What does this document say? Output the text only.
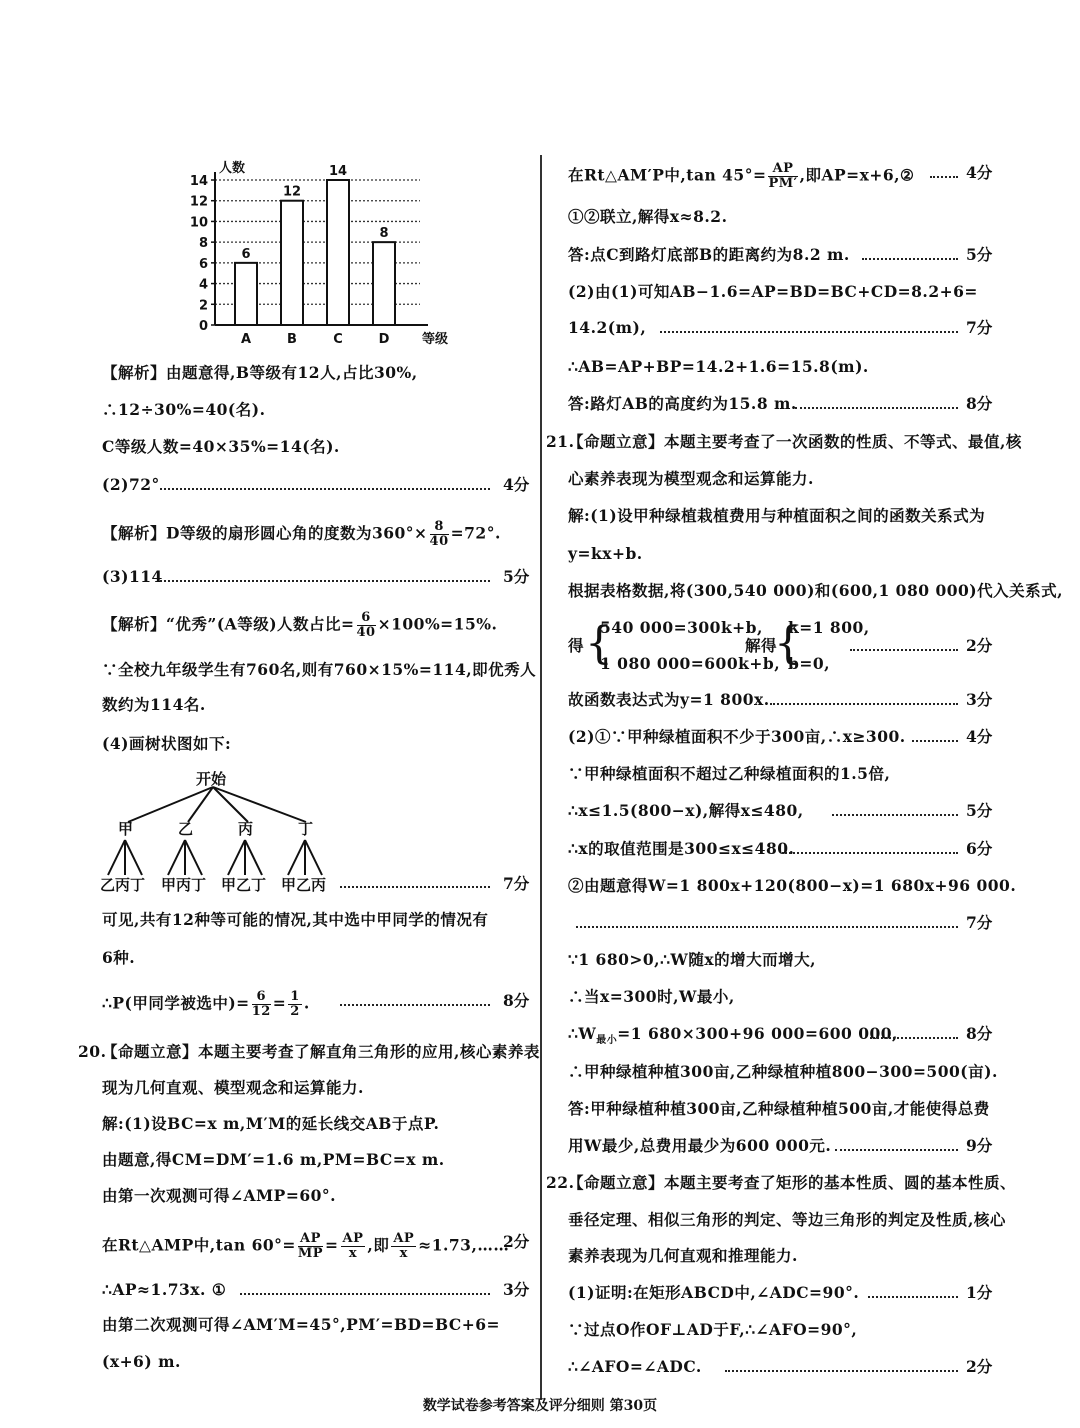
0
2
4
6
8
10
12
14
人数
等级
6
A
12
B
14
C
8
D
【解析】由题意得,B等级有12人,占比30%,
∴12÷30%=40(名).
C等级人数=40×35%=14(名).
(2)72°	4分
【解析】D等级的扇形圆心角的度数为$360^\circ\times \frac{8}{40} =72^\circ$.
(3)114	5分
【解析】“优秀”(A等级)人数占比= $\frac{6}{40} \times 100\%=15\%$.
∵全校九年级学生有760名,则有760×15%=114,即优秀人
数约为114名.
(4)画树状图如下:
开始
甲	乙	丙	丁
乙丙丁 甲丙丁 甲乙丁 甲乙丙	7分
可见,共有12种等可能的情况,其中选中甲同学的情况有
6种.
∴P(甲同学被选中)= $\frac{6}{12} = \frac{1}{2}$ .	8分
20.
【命题立意】本题主要考查了解直角三角形的应用,核心素养表
现为几何直观、模型观念和运算能力.
解:(1)设BC=x m,M′M的延长线交AB于点P.
由题意,得CM=DM′=1.6 m,PM=BC=x m.
由第一次观测可得∠AMP=60°.
在Rt△AMP中,tan $60^\circ= \frac{AP}{MP} = \frac{AP}{x}$ ,即 $\frac{AP}{x}$ ≈1.73,……
2分
∴AP≈1.73x. ①	3分
由第二次观测可得∠AM′M=45°,PM′=BD=BC+6=
(x+6) m.
在Rt△AM′P中,tan $45^\circ= \frac{AP}{PM'}$ ,即AP=x+6,②	4分
①②联立,解得x≈8.2.
答:点C到路灯底部B的距离约为8.2 m.	5分
(2)由(1)可知AB−1.6=AP=BD=BC+CD=8.2+6=
14.2(m),	7分
∴AB=AP+BP=14.2+1.6=15.8(m).
答:路灯AB的高度约为15.8 m.	8分
21.
【命题立意】本题主要考查了一次函数的性质、不等式、最值,核
心素养表现为模型观念和运算能力.
解:(1)设甲种绿植栽植费用与种植面积之间的函数关系式为
y=kx+b.
根据表格数据,将(300,540 000)和(600,1 080 000)代入关系式,
得 {
540 000=300k+b,
1 080 000=600k+b,
解得
{
k=1 800,
b=0,
2分
故函数表达式为y=1 800x.	3分
(2)①∵甲种绿植面积不少于300亩,∴x≥300.	4分
∵甲种绿植面积不超过乙种绿植面积的1.5倍,
∴x≤1.5(800−x),解得x≤480,	5分
∴x的取值范围是300≤x≤480.	6分
②由题意得W=1 800x+120(800−x)=1 680x+96 000.
7分
∵1 680>0,∴W随x的增大而增大,
∴当x=300时,W最小,
$\therefore W_{最小}=1$ 680×300+96 000=600 000,	8分
∴甲种绿植种植300亩,乙种绿植种植800−300=500(亩).
答:甲种绿植种植300亩,乙种绿植种植500亩,才能使得总费
用W最少,总费用最少为600 000元.	9分
22.
【命题立意】本题主要考查了矩形的基本性质、圆的基本性质、
垂径定理、相似三角形的判定、等边三角形的判定及性质,核心
素养表现为几何直观和推理能力.
(1)证明:在矩形ABCD中,∠ADC=90°.	1分
∵过点O作OF⊥AD于F,∴∠AFO=90°,
∴∠AFO=∠ADC.	2分
数学试卷参考答案及评分细则 第30页
